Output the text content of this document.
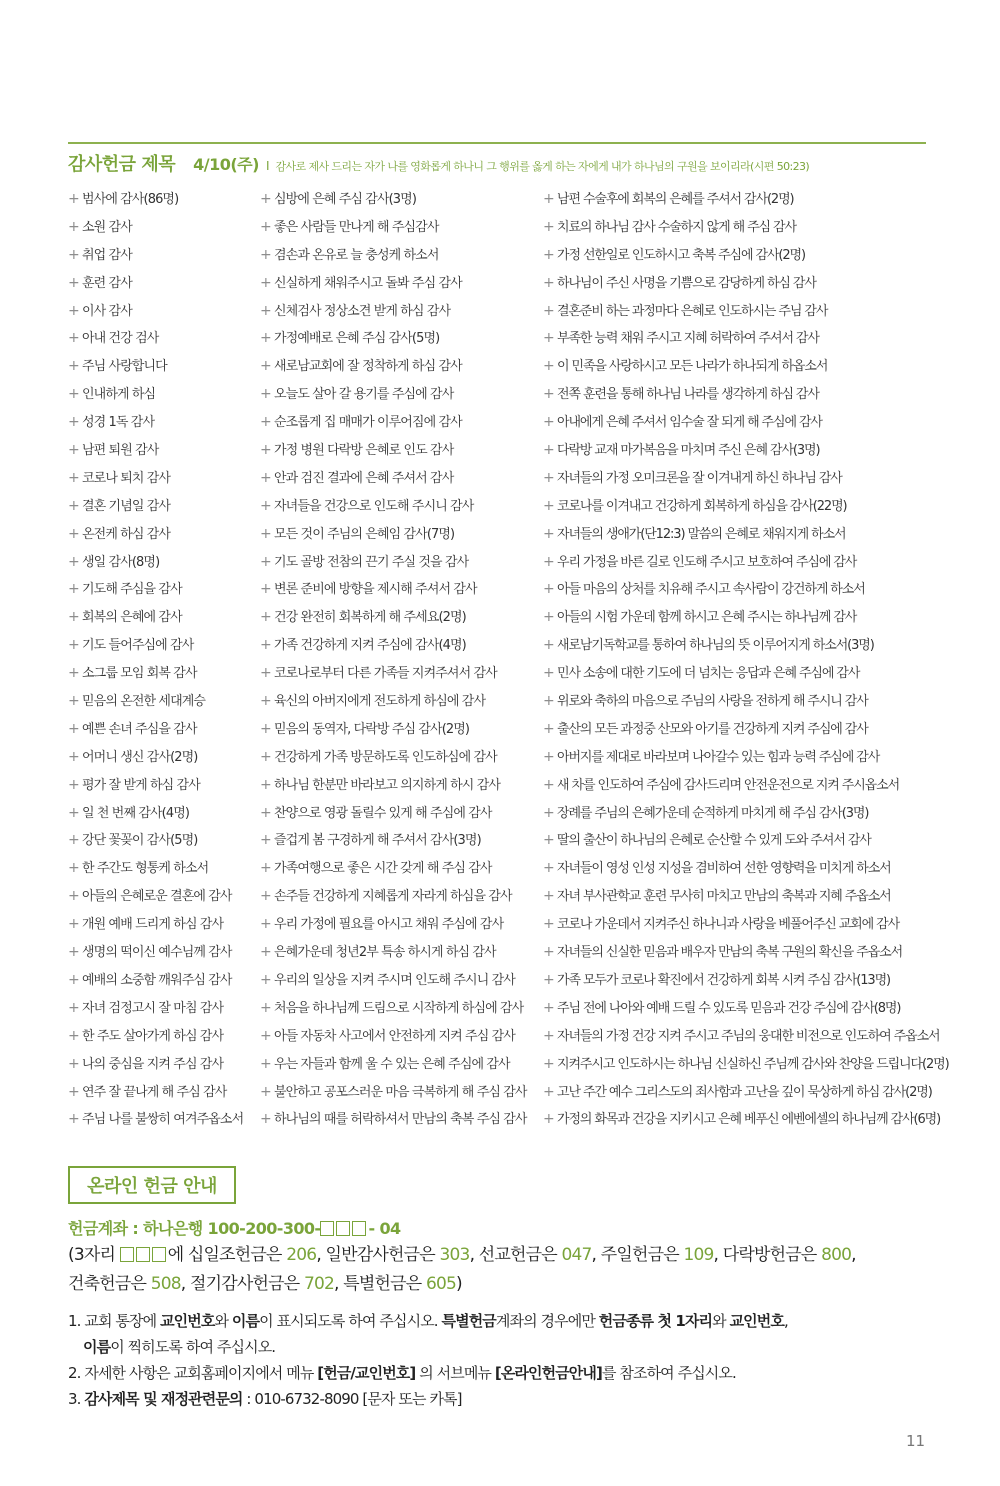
감사헌금 제목 4/10(주) I 감사로 제사 드리는 자가 나를 영화롭게 하나니 그 행위를 옳게 하는 자에게 내가 하나님의 구원을 보이리라(시편 50:23)
+ 범사에 감사(86명)
+ 소원 감사
+ 취업 감사
+ 훈련 감사
+ 이사 감사
+ 아내 건강 검사
+ 주님 사랑합니다
+ 인내하게 하심
+ 성경 1독 감사
+ 남편 퇴원 감사
+ 코로나 퇴치 감사
+ 결혼 기념일 감사
+ 온전케 하심 감사
+ 생일 감사(8명)
+ 기도해 주심을 감사
+ 회복의 은혜에 감사
+ 기도 들어주심에 감사
+ 소그룹 모임 회복 감사
+ 믿음의 온전한 세대계승
+ 예쁜 손녀 주심을 감사
+ 어머니 생신 감사(2명)
+ 평가 잘 받게 하심 감사
+ 일 천 번째 감사(4명)
+ 강단 꽃꽂이 감사(5명)
+ 한 주간도 형통케 하소서
+ 아들의 은혜로운 결혼에 감사
+ 개원 예배 드리게 하심 감사
+ 생명의 떡이신 예수님께 감사
+ 예배의 소중함 깨워주심 감사
+ 자녀 검정고시 잘 마침 감사
+ 한 주도 살아가게 하심 감사
+ 나의 중심을 지켜 주심 감사
+ 연주 잘 끝나게 해 주심 감사
+ 주님 나를 불쌍히 여겨주옵소서
+ 심방에 은혜 주심 감사(3명)
+ 좋은 사람들 만나게 해 주심감사
+ 겸손과 온유로 늘 충성케 하소서
+ 신실하게 채워주시고 돌봐 주심 감사
+ 신체검사 정상소견 받게 하심 감사
+ 가정예배로 은혜 주심 감사(5명)
+ 새로남교회에 잘 정착하게 하심 감사
+ 오늘도 살아 갈 용기를 주심에 감사
+ 순조롭게 집 매매가 이루어짐에 감사
+ 가정 병원 다락방 은혜로 인도 감사
+ 안과 검진 결과에 은혜 주셔서 감사
+ 자녀들을 건강으로 인도해 주시니 감사
+ 모든 것이 주님의 은혜임 감사(7명)
+ 기도 골방 전참의 끈기 주실 것을 감사
+ 변론 준비에 방향을 제시해 주셔서 감사
+ 건강 완전히 회복하게 해 주세요(2명)
+ 가족 건강하게 지켜 주심에 감사(4명)
+ 코로나로부터 다른 가족들 지켜주셔서 감사
+ 육신의 아버지에게 전도하게 하심에 감사
+ 믿음의 동역자, 다락방 주심 감사(2명)
+ 건강하게 가족 방문하도록 인도하심에 감사
+ 하나님 한분만 바라보고 의지하게 하시 감사
+ 찬양으로 영광 돌릴수 있게 해 주심에 감사
+ 즐겁게 봄 구경하게 해 주셔서 감사(3명)
+ 가족여행으로 좋은 시간 갖게 해 주심 감사
+ 손주들 건강하게 지혜롭게 자라게 하심을 감사
+ 우리 가정에 필요를 아시고 채워 주심에 감사
+ 은혜가운데 청년2부 특송 하시게 하심 감사
+ 우리의 일상을 지켜 주시며 인도해 주시니 감사
+ 처음을 하나님께 드림으로 시작하게 하심에 감사
+ 아들 자동차 사고에서 안전하게 지켜 주심 감사
+ 우는 자들과 함께 울 수 있는 은혜 주심에 감사
+ 불안하고 공포스러운 마음 극복하게 해 주심 감사
+ 하나님의 때를 허락하셔서 만남의 축복 주심 감사
+ 남편 수술후에 회복의 은혜를 주셔서 감사(2명)
+ 치료의 하나님 감사 수술하지 않게 해 주심 감사
+ 가정 선한일로 인도하시고 축복 주심에 감사(2명)
+ 하나님이 주신 사명을 기쁨으로 감당하게 하심 감사
+ 결혼준비 하는 과정마다 은혜로 인도하시는 주님 감사
+ 부족한 능력 채워 주시고 지혜 허락하여 주셔서 감사
+ 이 민족을 사랑하시고 모든 나라가 하나되게 하옵소서
+ 전쪽 훈련을 통해 하나님 나라를 생각하게 하심 감사
+ 아내에게 은혜 주셔서 임수술 잘 되게 해 주심에 감사
+ 다락방 교재 마가복음을 마치며 주신 은혜 감사(3명)
+ 자녀들의 가정 오미크론을 잘 이겨내게 하신 하나님 감사
+ 코로나를 이겨내고 건강하게 회복하게 하심을 감사(22명)
+ 자녀들의 생애가(단12:3) 말씀의 은혜로 채워지게 하소서
+ 우리 가정을 바른 길로 인도해 주시고 보호하여 주심에 감사
+ 아들 마음의 상처를 치유해 주시고 속사람이 강건하게 하소서
+ 아들의 시험 가운데 함께 하시고 은혜 주시는 하나님께 감사
+ 새로남기독학교를 통하여 하나님의 뜻 이루어지게 하소서(3명)
+ 민사 소송에 대한 기도에 더 넘치는 응답과 은혜 주심에 감사
+ 위로와 축하의 마음으로 주님의 사랑을 전하게 해 주시니 감사
+ 출산의 모든 과정중 산모와 아기를 건강하게 지켜 주심에 감사
+ 아버지를 제대로 바라보며 나아갈수 있는 힘과 능력 주심에 감사
+ 새 차를 인도하여 주심에 감사드리며 안전운전으로 지켜 주시옵소서
+ 장례를 주님의 은혜가운데 순적하게 마치게 해 주심 감사(3명)
+ 딸의 출산이 하나님의 은혜로 순산할 수 있게 도와 주셔서 감사
+ 자녀들이 영성 인성 지성을 겸비하여 선한 영향력을 미치게 하소서
+ 자녀 부사관학교 훈련 무사히 마치고 만남의 축복과 지혜 주옵소서
+ 코로나 가운데서 지켜주신 하나니과 사랑을 베풀어주신 교회에 감사
+ 자녀들의 신실한 믿음과 배우자 만남의 축복 구원의 확신을 주옵소서
+ 가족 모두가 코로나 확진에서 건강하게 회복 시켜 주심 감사(13명)
+ 주님 전에 나아와 예배 드릴 수 있도록 믿음과 건강 주심에 감사(8명)
+ 자녀들의 가정 건강 지켜 주시고 주님의 웅대한 비전으로 인도하여 주옵소서
+ 지켜주시고 인도하시는 하나님 신실하신 주님께 감사와 찬양을 드립니다(2명)
+ 고난 주간 예수 그리스도의 죄사함과 고난을 깊이 묵상하게 하심 감사(2명)
+ 가정의 화목과 건강을 지키시고 은혜 베푸신 에벤에셀의 하나님께 감사(6명)
온라인 헌금 안내
헌금계좌 : 하나은행 100-200-300-	- 04
(3자리	에 십일조헌금은 206, 일반감사헌금은 303, 선교헌금은 047, 주일헌금은 109, 다락방헌금은 800,
건축헌금은 508, 절기감사헌금은 702, 특별헌금은 605)

1. 교회 통장에 교인번호와 이름이 표시되도록 하여 주십시오. 특별헌금계좌의 경우에만 헌금종류 첫 1자리와 교인번호,

이름이 찍히도록 하여 주십시오.

2. 자세한 사항은 교회홈페이지에서 메뉴 [헌금/교인번호] 의 서브메뉴 [온라인헌금안내]를 참조하여 주십시오.

3. 감사제목 및 재정관련문의 : 010-6732-8090 [문자 또는 카톡]

11
